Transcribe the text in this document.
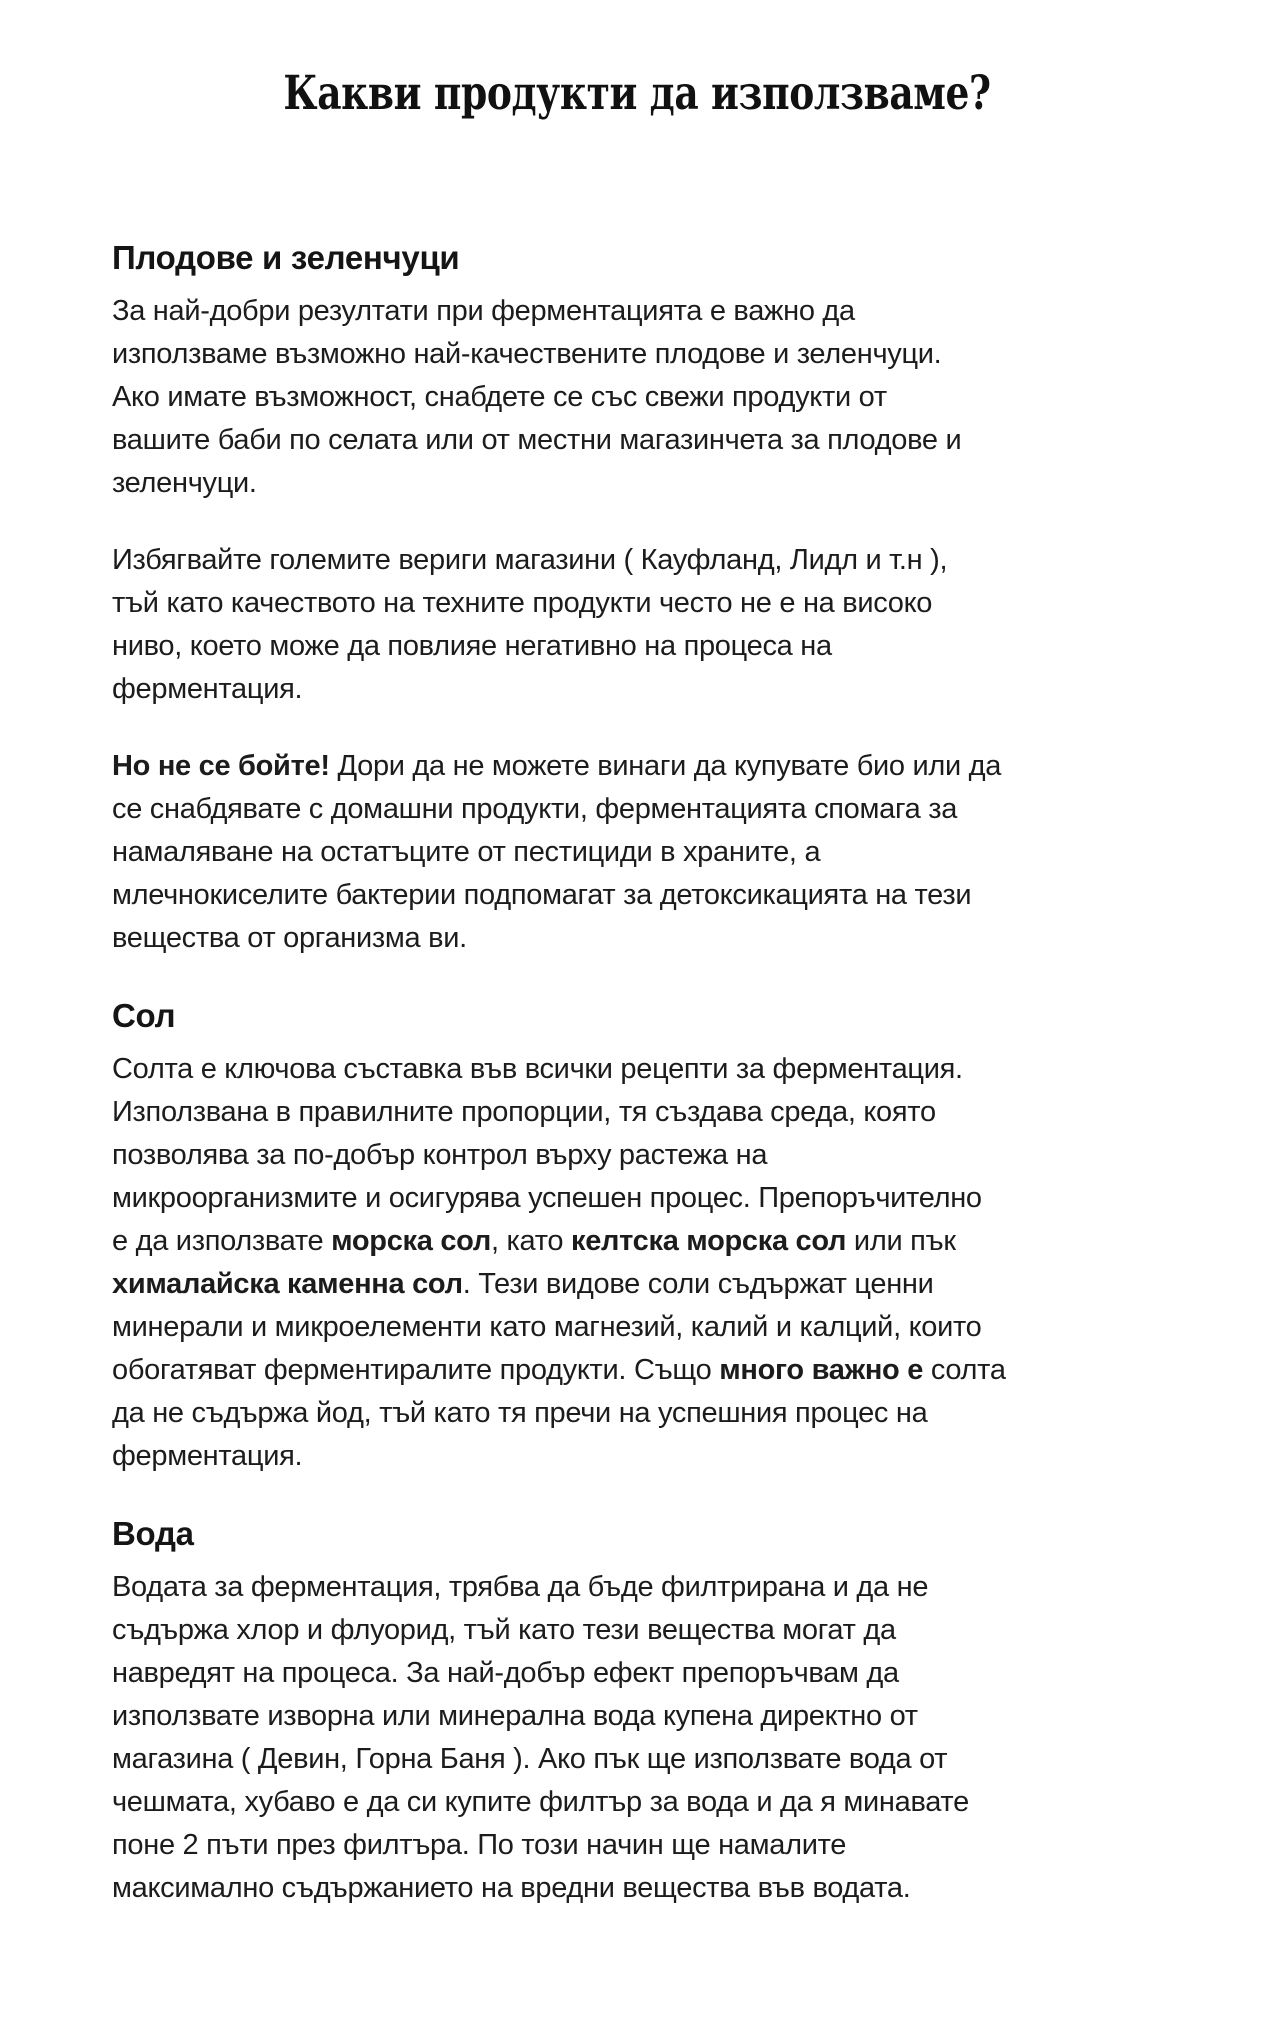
Какви продукти да използваме?
Плодове и зеленчуци

За най-добри резултати при ферментацията е важно да
използваме възможно най-качествените плодове и зеленчуци.
Ако имате възможност, снабдете се със свежи продукти от
вашите баби по селата или от местни магазинчета за плодове и
зеленчуци.

Избягвайте големите вериги магазини ( Кауфланд, Лидл и т.н ),
тъй като качеството на техните продукти често не е на високо
ниво, което може да повлияе негативно на процеса на
ферментация.

Но не се бойте! Дори да не можете винаги да купувате био или да
се снабдявате с домашни продукти, ферментацията спомага за
намаляване на остатъците от пестициди в храните, а
млечнокиселите бактерии подпомагат за детоксикацията на тези
вещества от организма ви.

Сол

Солта е ключова съставка във всички рецепти за ферментация.
Използвана в правилните пропорции, тя създава среда, която
позволява за по-добър контрол върху растежа на
микроорганизмите и осигурява успешен процес. Препоръчително
е да използвате морска сол, като келтска морска сол или пък
хималайска каменна сол. Тези видове соли съдържат ценни
минерали и микроелементи като магнезий, калий и калций, които
обогатяват ферментиралите продукти. Също много важно е солта
да не съдържа йод, тъй като тя пречи на успешния процес на
ферментация.

Вода

Водата за ферментация, трябва да бъде филтрирана и да не
съдържа хлор и флуорид, тъй като тези вещества могат да
навредят на процеса. За най-добър ефект препоръчвам да
използвате изворна или минерална вода купена директно от
магазина ( Девин, Горна Баня ). Ако пък ще използвате вода от
чешмата, хубаво е да си купите филтър за вода и да я минавате
поне 2 пъти през филтъра. По този начин ще намалите
максимално съдържанието на вредни вещества във водата.
